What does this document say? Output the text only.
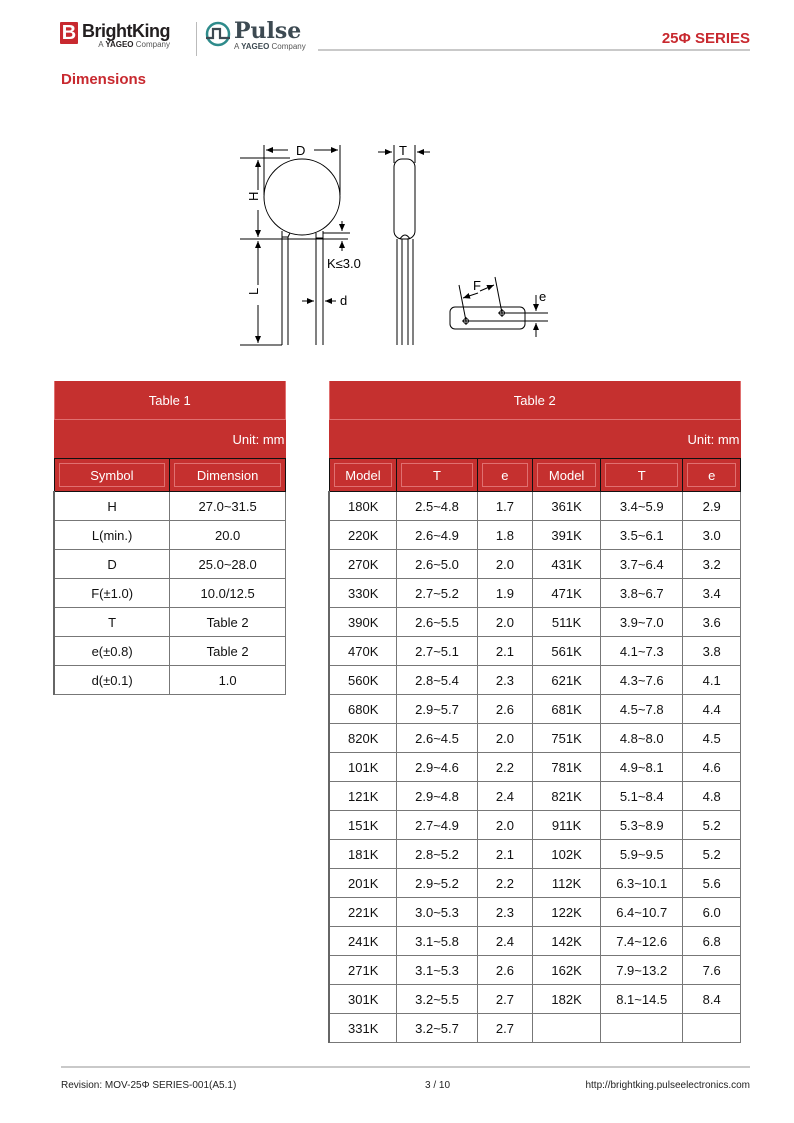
B BrightKing
A YAGEO Company
Pulse
A YAGEO Company	25Φ SERIES
Dimensions
D
H
L
K≤3.0
d
T
F
e
Table 1	
Unit: mm	
Symbol	Dimension
H	27.0~31.5
L(min.)	20.0
D	25.0~28.0
F(±1.0)	10.0/12.5
T	Table 2
e(±0.8)	Table 2
d(±0.1)	1.0
Table 2					
Unit: mm					
Model	T	e	Model	T	e
180K	2.5~4.8	1.7	361K	3.4~5.9	2.9
220K	2.6~4.9	1.8	391K	3.5~6.1	3.0
270K	2.6~5.0	2.0	431K	3.7~6.4	3.2
330K	2.7~5.2	1.9	471K	3.8~6.7	3.4
390K	2.6~5.5	2.0	511K	3.9~7.0	3.6
470K	2.7~5.1	2.1	561K	4.1~7.3	3.8
560K	2.8~5.4	2.3	621K	4.3~7.6	4.1
680K	2.9~5.7	2.6	681K	4.5~7.8	4.4
820K	2.6~4.5	2.0	751K	4.8~8.0	4.5
101K	2.9~4.6	2.2	781K	4.9~8.1	4.6
121K	2.9~4.8	2.4	821K	5.1~8.4	4.8
151K	2.7~4.9	2.0	911K	5.3~8.9	5.2
181K	2.8~5.2	2.1	102K	5.9~9.5	5.2
201K	2.9~5.2	2.2	112K	6.3~10.1	5.6
221K	3.0~5.3	2.3	122K	6.4~10.7	6.0
241K	3.1~5.8	2.4	142K	7.4~12.6	6.8
271K	3.1~5.3	2.6	162K	7.9~13.2	7.6
301K	3.2~5.5	2.7	182K	8.1~14.5	8.4
331K	3.2~5.7	2.7			
Revision: MOV-25Φ SERIES-001(A5.1)	3 / 10	http://brightking.pulseelectronics.com
